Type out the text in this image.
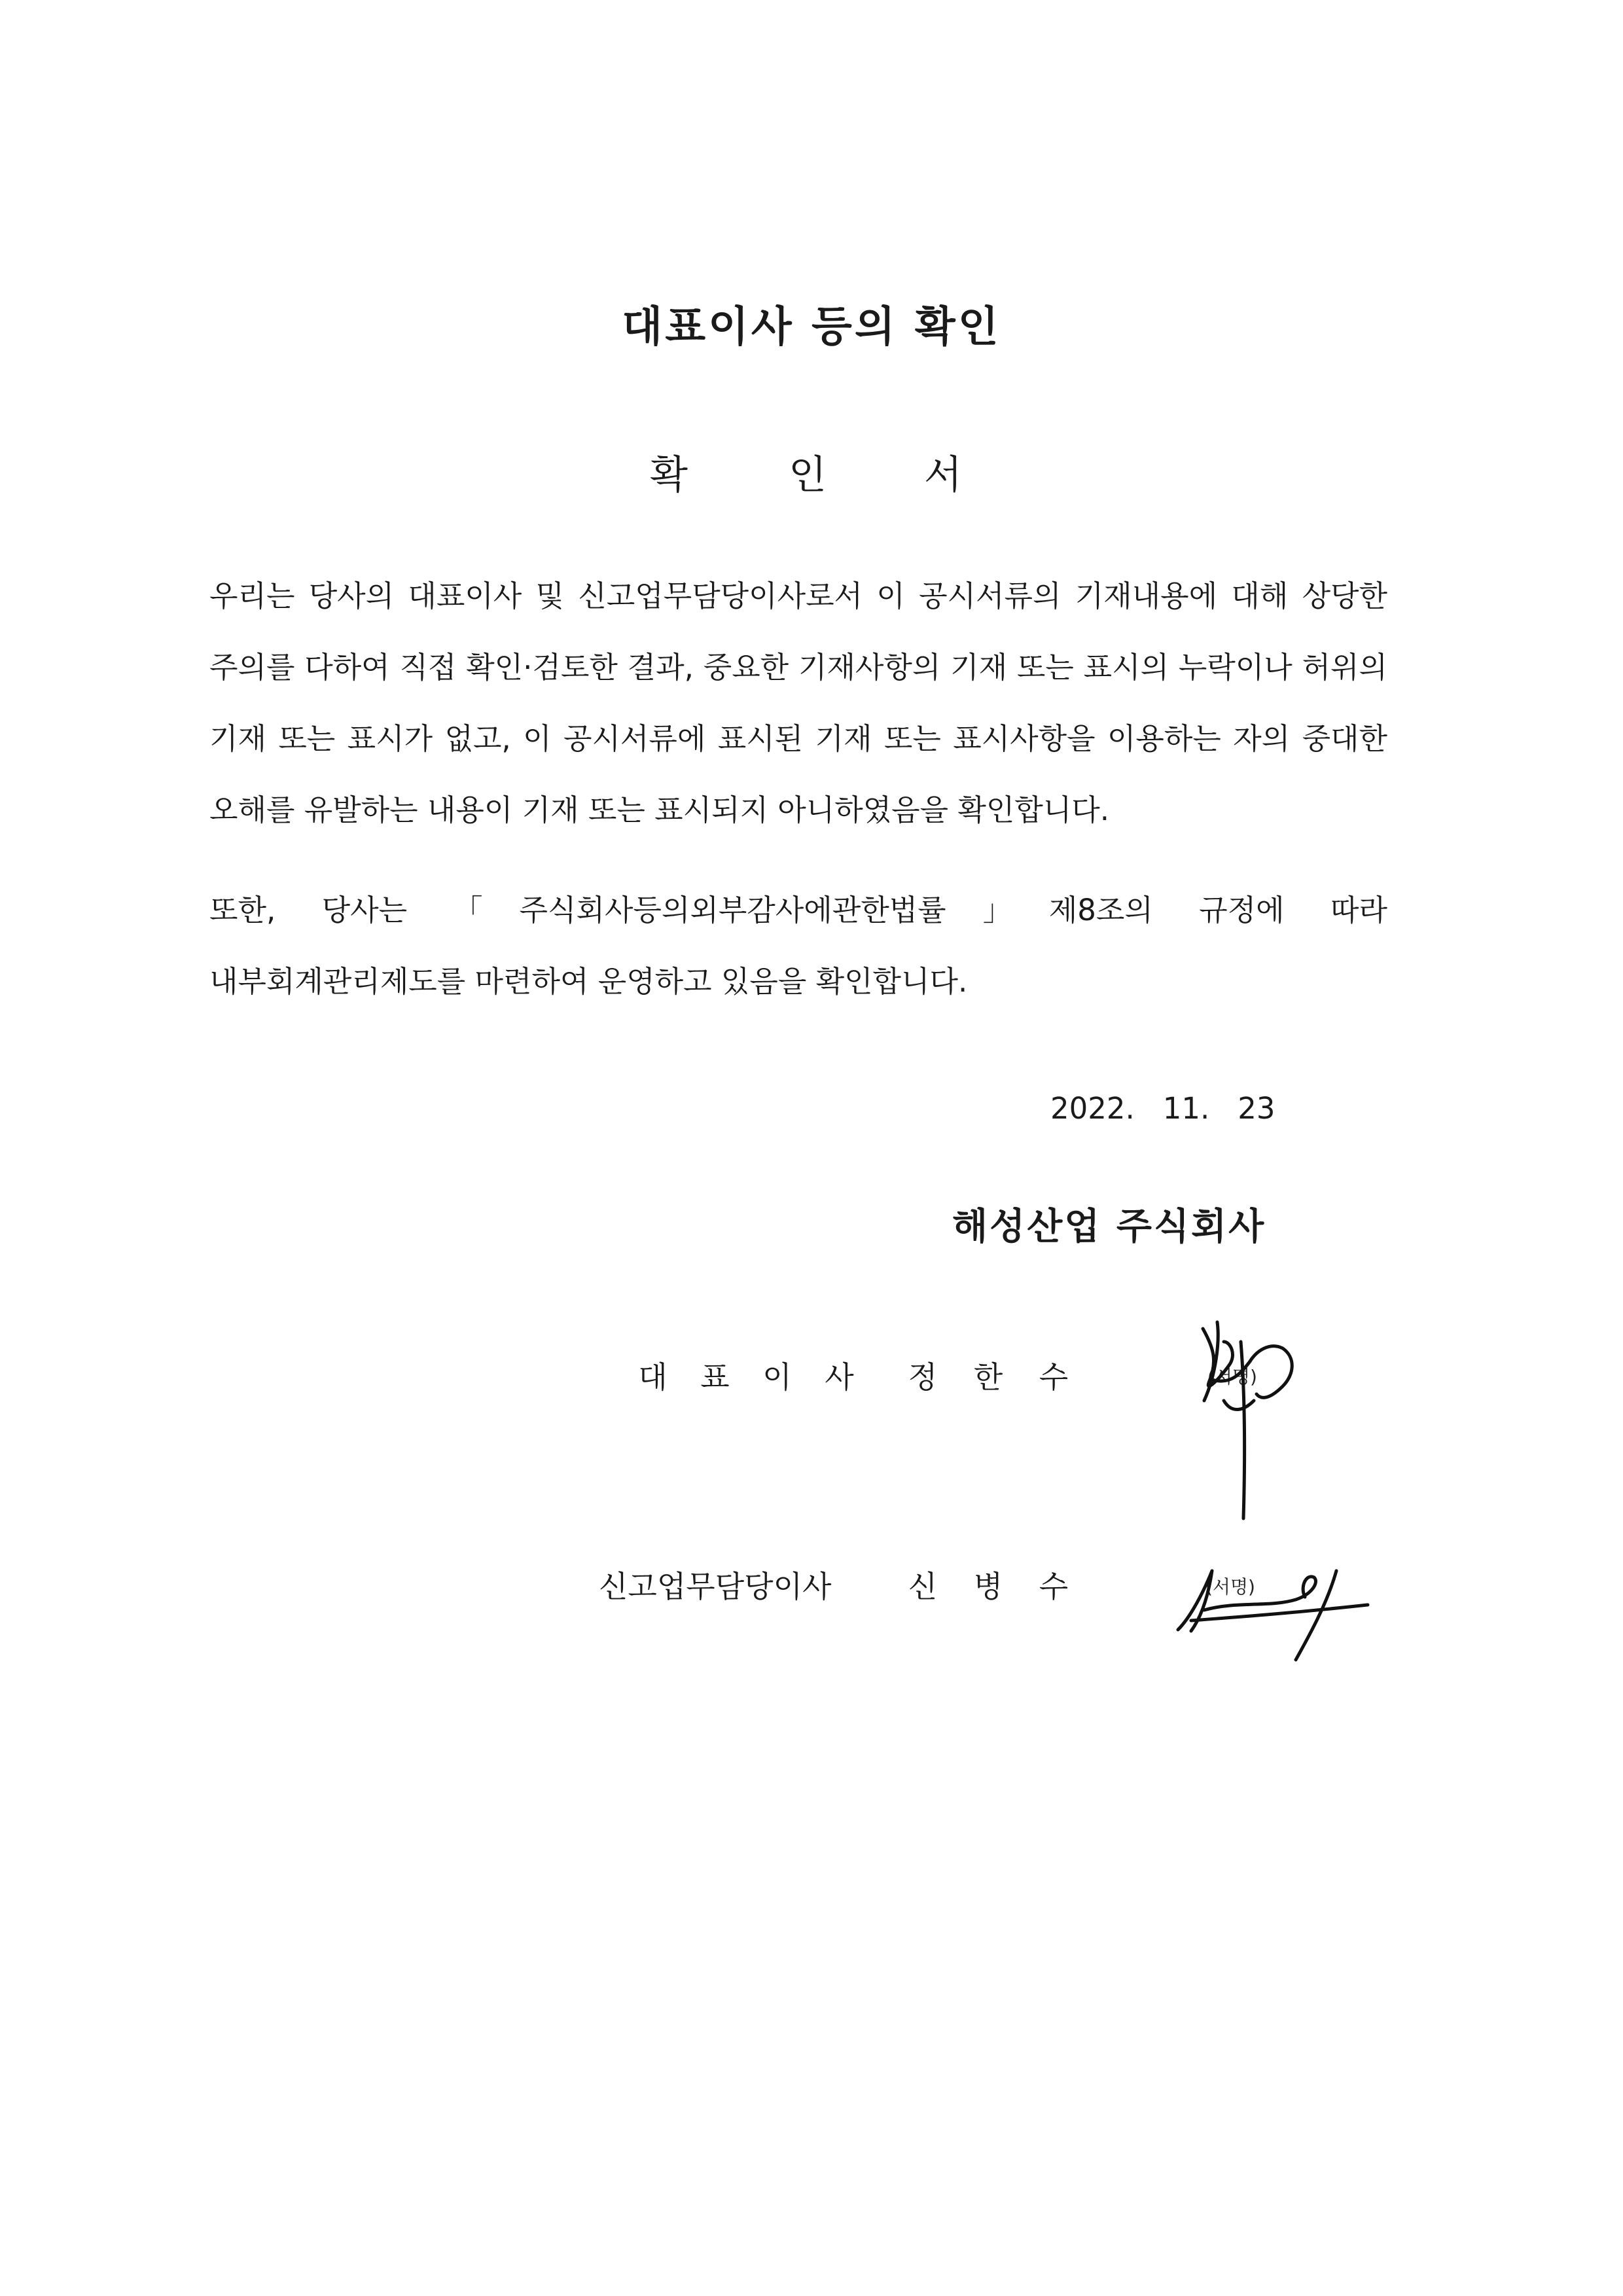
대표이사 등의 확인
확	인 서

우리는 당사의 대표이사 및 신고업무담당이사로서 이 공시서류의 기재내용에 대해 상당한 주의를 다하여 직접 확인·검토한 결과, 중요한 기재사항의 기재 또는 표시의 누락이나 허위의 기재 또는 표시가 없고, 이 공시서류에 표시된 기재 또는 표시사항을 이용하는 자의 중대한 오해를 유발하는 내용이 기재 또는 표시되지 아니하였음을 확인합니다.

또한, 당사는 「주식회사등의외부감사에관한법률」제8조의 규정에 따라 내부회계관리제도를 마련하여 운영하고 있음을 확인합니다.

2022.   11.   23
해성산업 주식회사
대 표 이 사	정 한 수	(서명)
신고업무담당이사	신 병 수	(서명)
